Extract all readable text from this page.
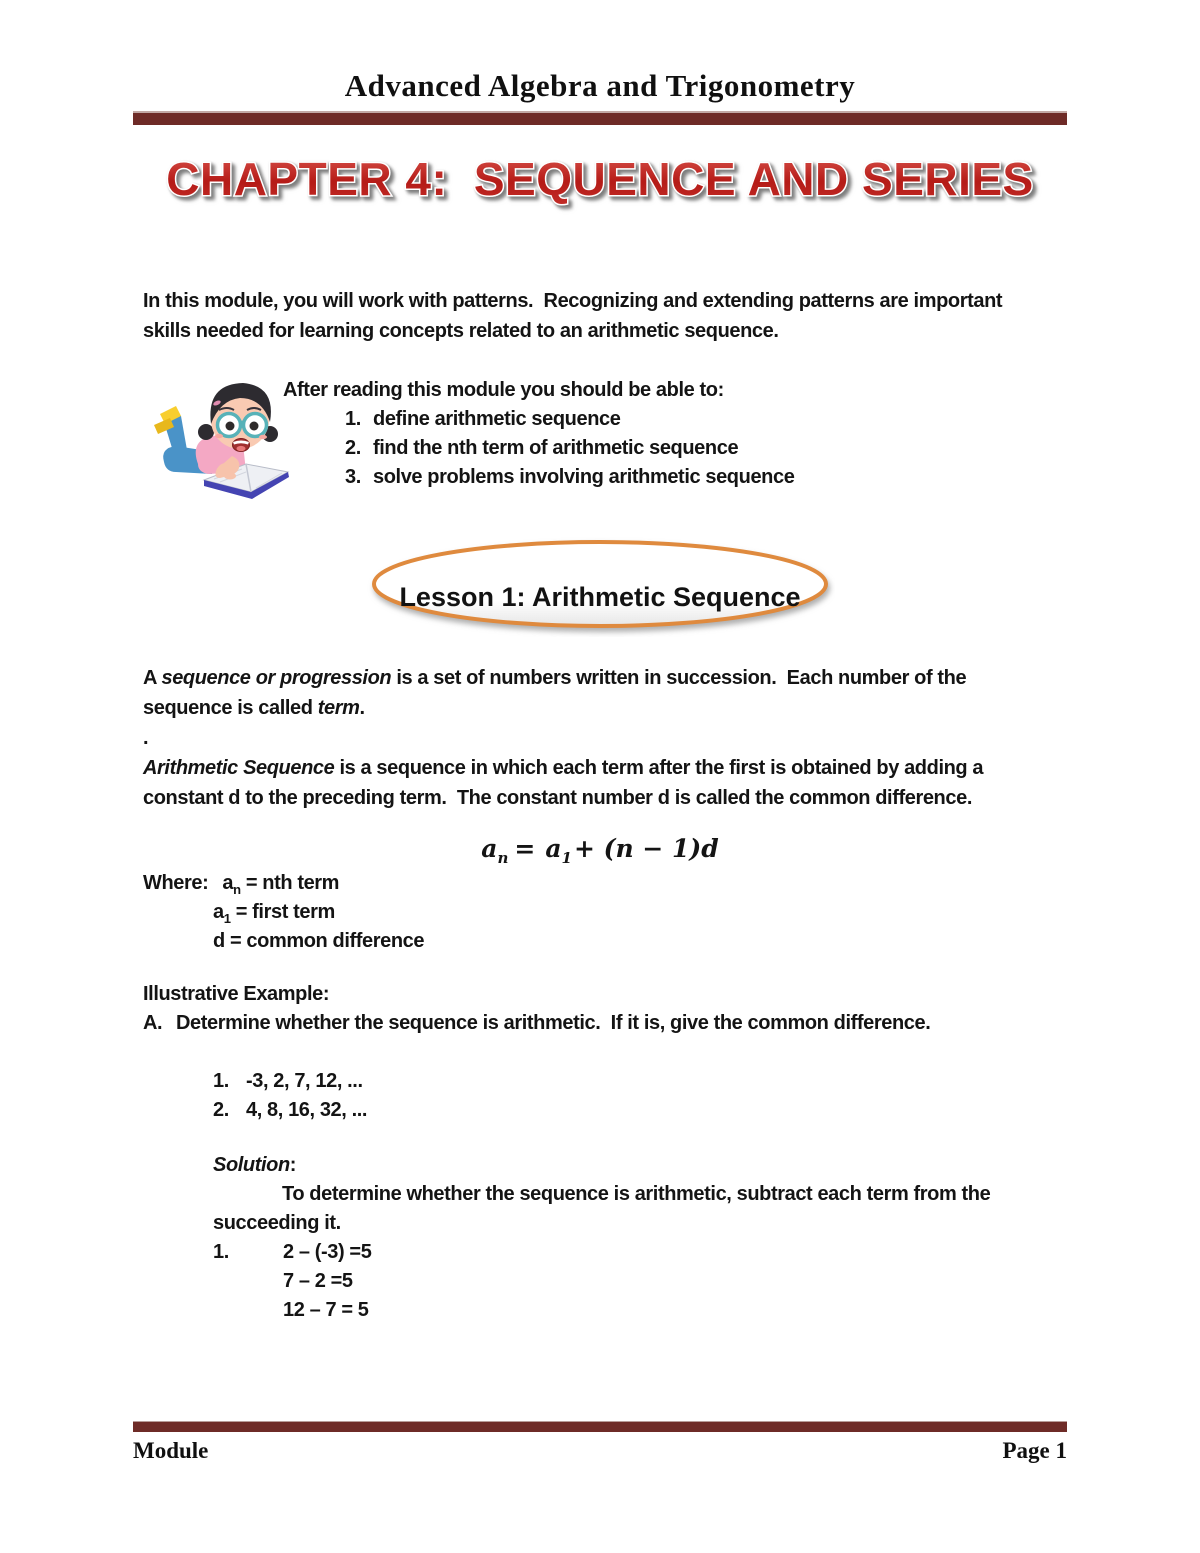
Advanced Algebra and Trigonometry
CHAPTER 4:  SEQUENCE AND SERIES
In this module, you will work with patterns.  Recognizing and extending patterns are important
skills needed for learning concepts related to an arithmetic sequence.
After reading this module you should be able to:
1. define arithmetic sequence
2. find the nth term of arithmetic sequence
3. solve problems involving arithmetic sequence
Lesson 1: Arithmetic Sequence
A sequence or progression is a set of numbers written in succession.  Each number of the
sequence is called term.
.
Arithmetic Sequence is a sequence in which each term after the first is obtained by adding a
constant d to the preceding term.  The constant number d is called the common difference.
$a_n = a_1+ (n - 1)d$
Where: $a_n$ = nth term
$a_1$ = first term
d = common difference
Illustrative Example:
A. Determine whether the sequence is arithmetic.  If it is, give the common difference.
1. -3, 2, 7, 12, ...
2. 4, 8, 16, 32, ...
Solution:
To determine whether the sequence is arithmetic, subtract each term from the
succeeding it.
1.	2 – (-3) =5
7 – 2 =5
12 – 7 = 5
Module	Page 1
